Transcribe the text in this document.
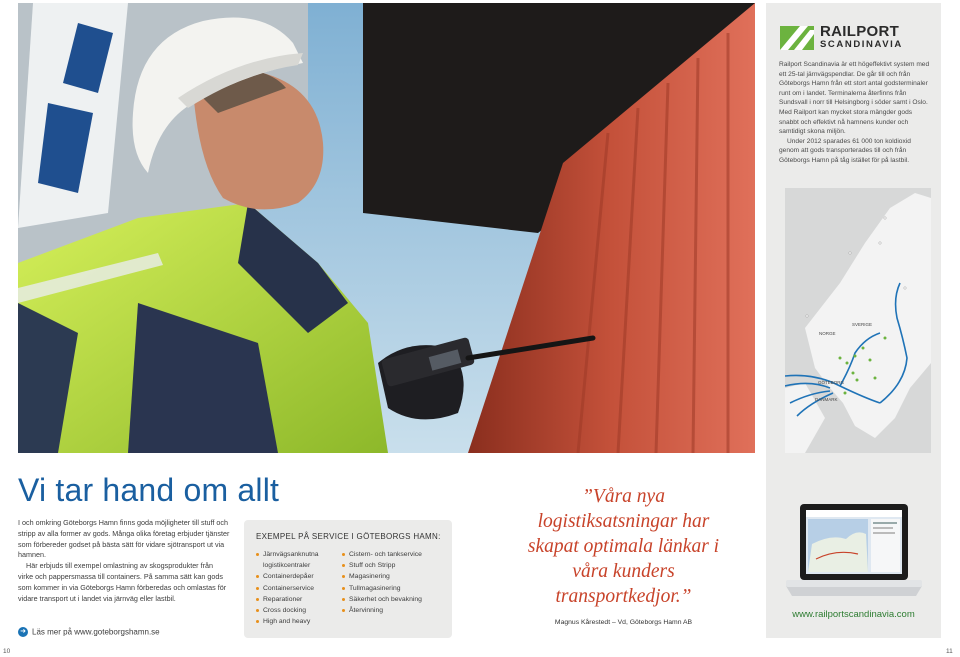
RAILPORT
SCANDINAVIA

Railport Scandinavia är ett högeffektivt system med ett 25-tal järnvägspendlar. De går till och från Göteborgs Hamn från ett stort antal godsterminaler runt om i landet. Terminalerna återfinns från Sundsvall i norr till Helsingborg i söder samt i Oslo. Med Railport kan mycket stora mängder gods snabbt och effektivt nå hamnens kunder och samtidigt skona miljön.

Under 2012 sparades 61 000 ton koldioxid genom att gods transporterades till och från Göteborgs Hamn på tåg istället för på lastbil.

NORGE
SVERIGE
GÖTEBORG
DANMARK
www.railportscandinavia.com
Vi tar hand om allt

I och omkring Göteborgs Hamn finns goda möjligheter till stuff och stripp av alla former av gods. Många olika företag erbjuder tjänster som förbereder godset på bästa sätt för vidare sjötransport ut via hamnen.

Här erbjuds till exempel omlastning av skogsprodukter från virke och pappersmassa till containers. På samma sätt kan gods som kommer in via Göteborgs Hamn förberedas och omlastas för vidare transport ut i landet via järnväg eller lastbil.

➜ Läs mer på www.goteborgshamn.se
EXEMPEL PÅ SERVICE I GÖTEBORGS HAMN:
Järnvägsanknutna logistikcentraler
Containerdepåer
Containerservice
Reparationer
Cross docking
High and heavy
Cistern- och tankservice
Stuff och Stripp
Magasinering
Tullmagasinering
Säkerhet och bevakning
Återvinning
”Våra nya logistiksatsningar har skapat optimala länkar i våra kunders transportkedjor.”
Magnus Kårestedt – Vd, Göteborgs Hamn AB
10	11
